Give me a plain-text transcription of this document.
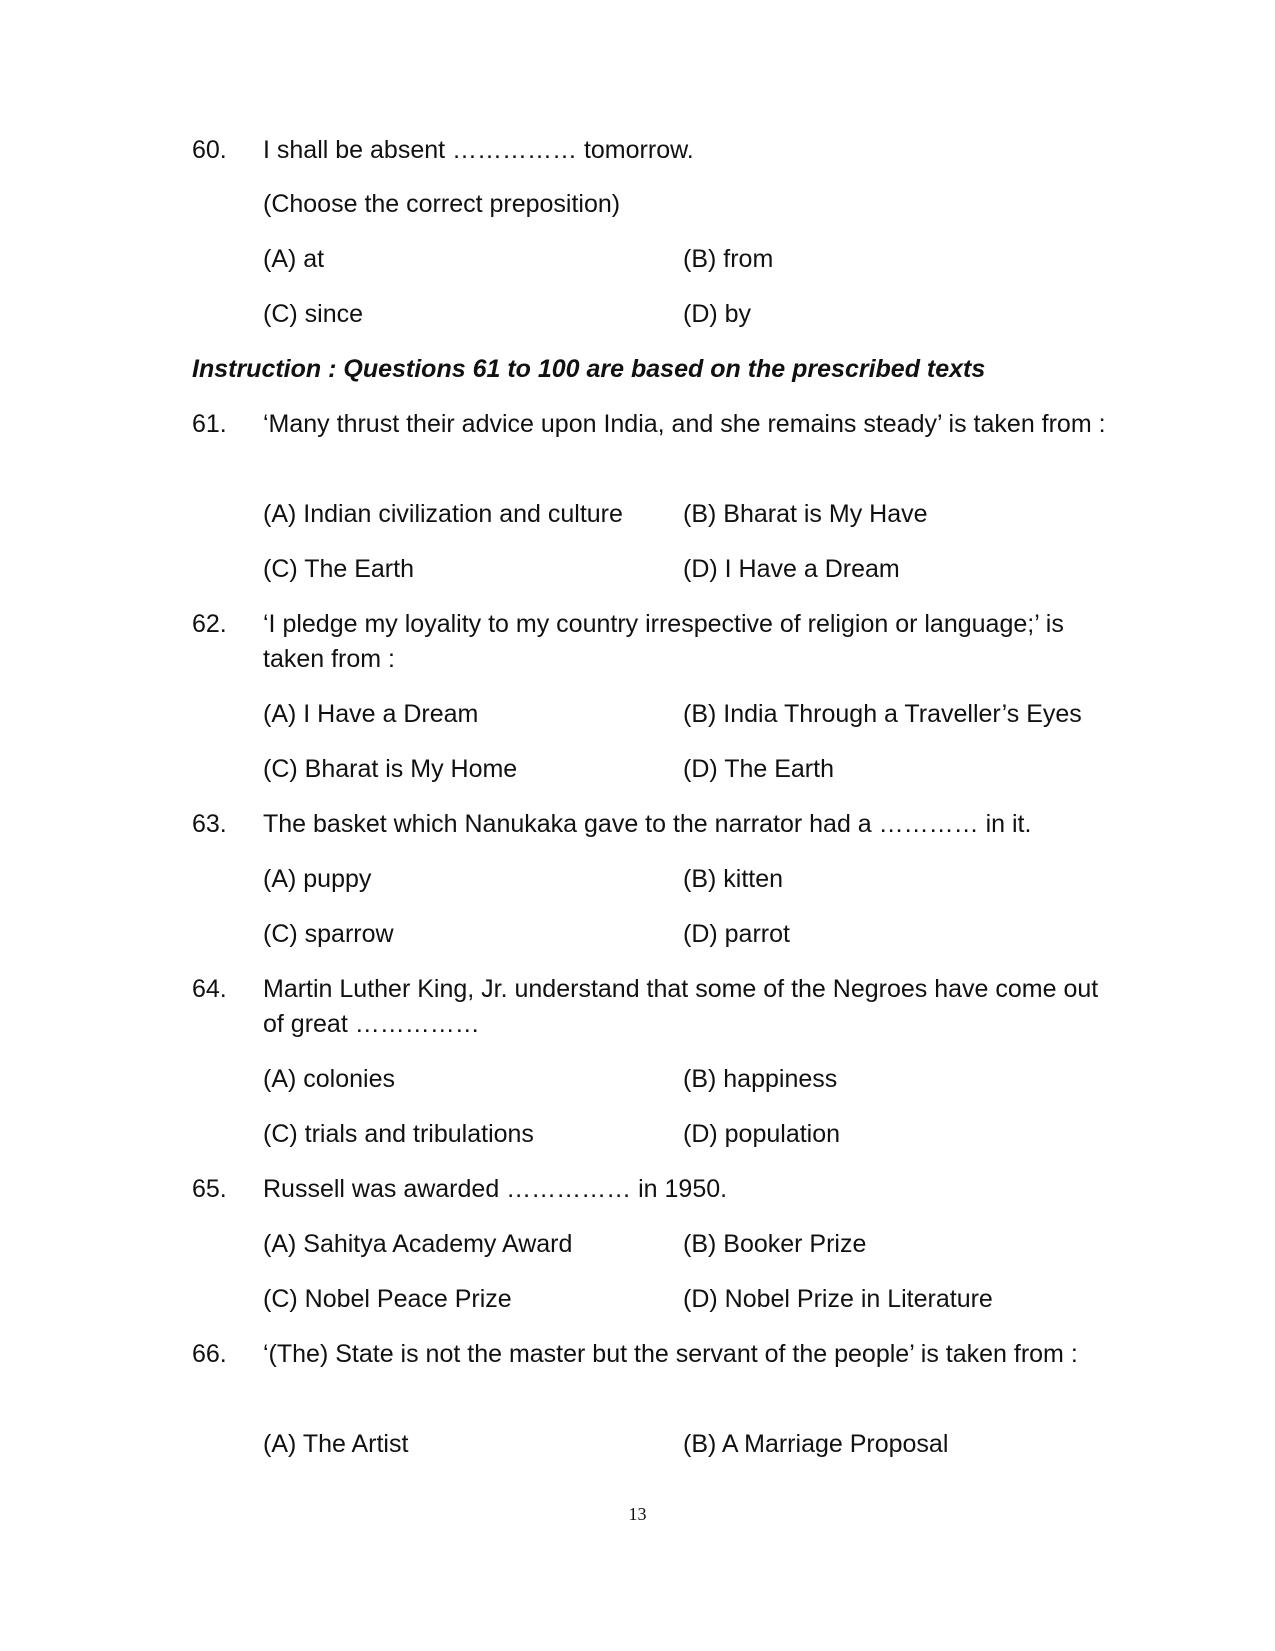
60.	I shall be absent …………… tomorrow.
(Choose the correct preposition)
(A) at	(B) from
(C) since	(D) by
Instruction : Questions 61 to 100 are based on the prescribed texts
61.	‘Many thrust their advice upon India, and she remains steady’ is taken from :
(A) Indian civilization and culture (B) Bharat is My Have
(C) The Earth	(D) I Have a Dream
62.	‘I pledge my loyality to my country irrespective of religion or language;’ is taken from :
(A) I Have a Dream	(B) India Through a Traveller’s Eyes
(C) Bharat is My Home	(D) The Earth
63.	The basket which Nanukaka gave to the narrator had a ………… in it.
(A) puppy	(B) kitten
(C) sparrow	(D) parrot
64.	Martin Luther King, Jr. understand that some of the Negroes have come out of great ……………
(A) colonies	(B) happiness
(C) trials and tribulations	(D) population
65.	Russell was awarded …………… in 1950.
(A) Sahitya Academy Award	(B) Booker Prize
(C) Nobel Peace Prize	(D) Nobel Prize in Literature
66.	‘(The) State is not the master but the servant of the people’ is taken from :
(A) The Artist	(B) A Marriage Proposal
13
